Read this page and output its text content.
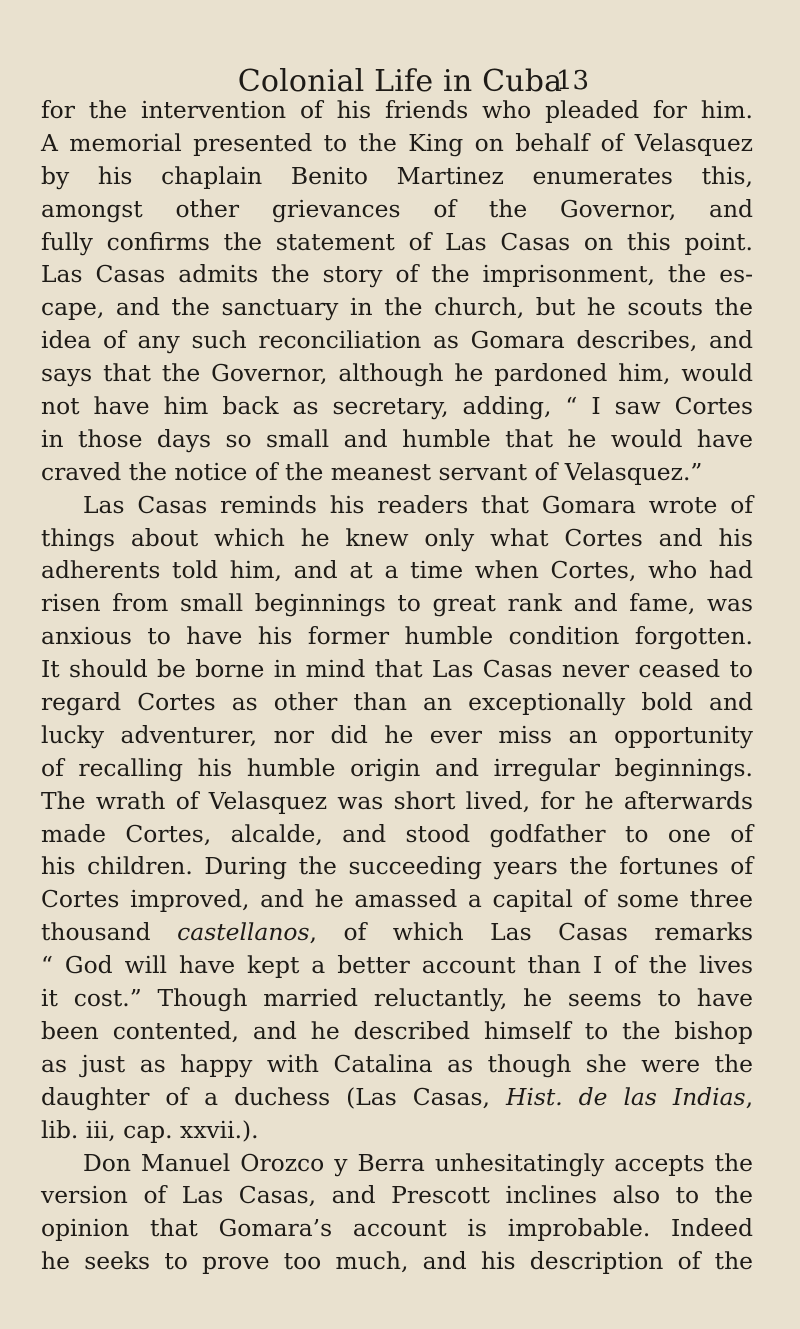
Colonial Life in Cuba
13
for the intervention of his friends who pleaded for him.
A memorial presented to the King on behalf of Velasquez
by his chaplain Benito Martinez enumerates this,
amongst other grievances of the Governor, and
fully confirms the statement of Las Casas on this point.
Las Casas admits the story of the imprisonment, the es-
cape, and the sanctuary in the church, but he scouts the
idea of any such reconciliation as Gomara describes, and
says that the Governor, although he pardoned him, would
not have him back as secretary, adding, “ I saw Cortes
in those days so small and humble that he would have
craved the notice of the meanest servant of Velasquez.”
Las Casas reminds his readers that Gomara wrote of
things about which he knew only what Cortes and his
adherents told him, and at a time when Cortes, who had
risen from small beginnings to great rank and fame, was
anxious to have his former humble condition forgotten.
It should be borne in mind that Las Casas never ceased to
regard Cortes as other than an exceptionally bold and
lucky adventurer, nor did he ever miss an opportunity
of recalling his humble origin and irregular beginnings.
The wrath of Velasquez was short lived, for he afterwards
made Cortes, alcalde, and stood godfather to one of
his children. During the succeeding years the fortunes of
Cortes improved, and he amassed a capital of some three
thousand castellanos, of which Las Casas remarks
“ God will have kept a better account than I of the lives
it cost.” Though married reluctantly, he seems to have
been contented, and he described himself to the bishop
as just as happy with Catalina as though she were the
daughter of a duchess (Las Casas, Hist. de las Indias,
lib. iii, cap. xxvii.).
Don Manuel Orozco y Berra unhesitatingly accepts the
version of Las Casas, and Prescott inclines also to the
opinion that Gomara’s account is improbable. Indeed
he seeks to prove too much, and his description of the
